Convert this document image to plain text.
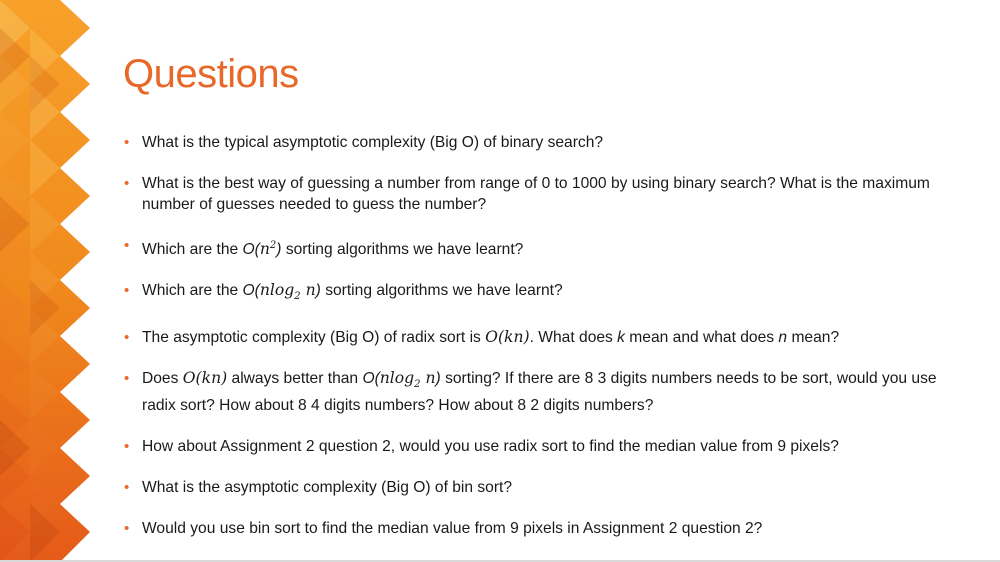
Questions
• What is the typical asymptotic complexity (Big O) of binary search?
• What is the best way of guessing a number from range of 0 to 1000 by using binary search? What is the maximum number of guesses needed to guess the number?
• Which are the $O(n^2)$ sorting algorithms we have learnt?
• Which are the O(nlog$_2$ n) sorting algorithms we have learnt?
• The asymptotic complexity (Big O) of radix sort is O(kn). What does k mean and what does n mean?
• Does O(kn) always better than O(nlog$_2$ n) sorting? If there are 8 3 digits numbers needs to be sort, would you use radix sort? How about 8 4 digits numbers? How about 8 2 digits numbers?
• How about Assignment 2 question 2, would you use radix sort to find the median value from 9 pixels?
• What is the asymptotic complexity (Big O) of bin sort?
• Would you use bin sort to find the median value from 9 pixels in Assignment 2 question 2?
